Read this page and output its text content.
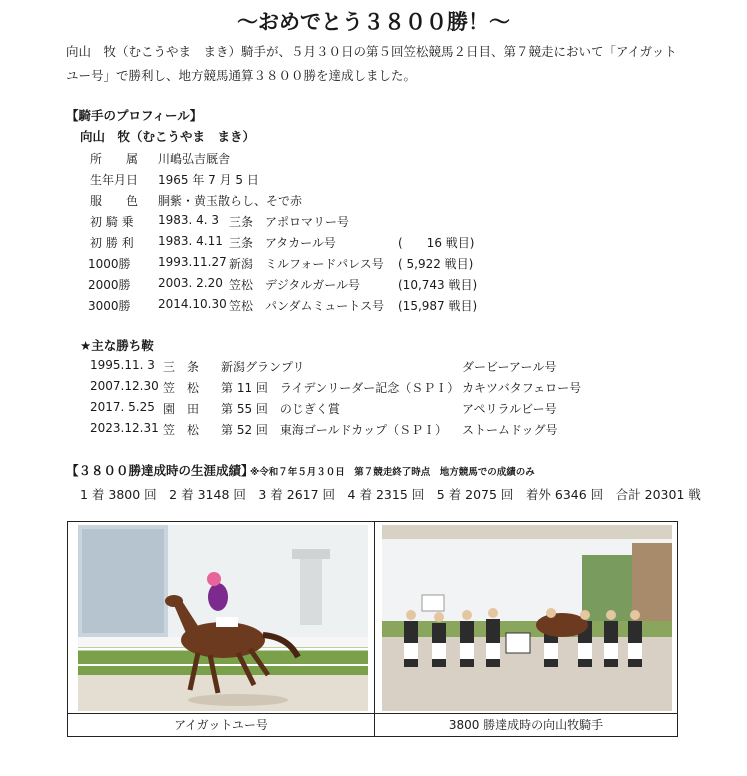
〜おめでとう３８００勝！〜
向山　牧（むこうやま　まき）騎手が、５月３０日の第５回笠松競馬２日目、第７競走において「アイガットユー号」で勝利し、地方競馬通算３８００勝を達成しました。
【騎手のプロフィール】
向山　牧（むこうやま　まき）
所　　属 川嶋弘吉厩舎
生年月日 1965 年 7 月 5 日
服　　色 胴紫・黄玉散らし、そで赤
初 騎 乗 1983. 4. 3 三条 アポロマリー号
初 勝 利 1983. 4.11 三条 アタカール号	(　　16 戦目)
1000勝 1993.11.27 新潟 ミルフォードパレス号 ( 5,922 戦目)
2000勝 2003. 2.20 笠松 デジタルガール号	(10,743 戦目)
3000勝 2014.10.30 笠松 パンダムミュートス号 (15,987 戦目)
★主な勝ち鞍
1995.11. 3 三　条 新潟グランプリ	ダービーアール号
2007.12.30 笠　松 第 11 回　ライデンリーダー記念（ＳＰＩ） カキツバタフェロー号
2017. 5.25 園　田 第 55 回　のじぎく賞	アペリラルビー号
2023.12.31 笠　松 第 52 回　東海ゴールドカップ（ＳＰＩ） ストームドッグ号
【３８００勝達成時の生涯成績】
※令和７年５月３０日　第７競走終了時点　地方競馬での成績のみ
1 着 3800 回　2 着 3148 回　3 着 2617 回　4 着 2315 回　5 着 2075 回　着外 6346 回　合計 20301 戦
アイガットユー号	3800 勝達成時の向山牧騎手
